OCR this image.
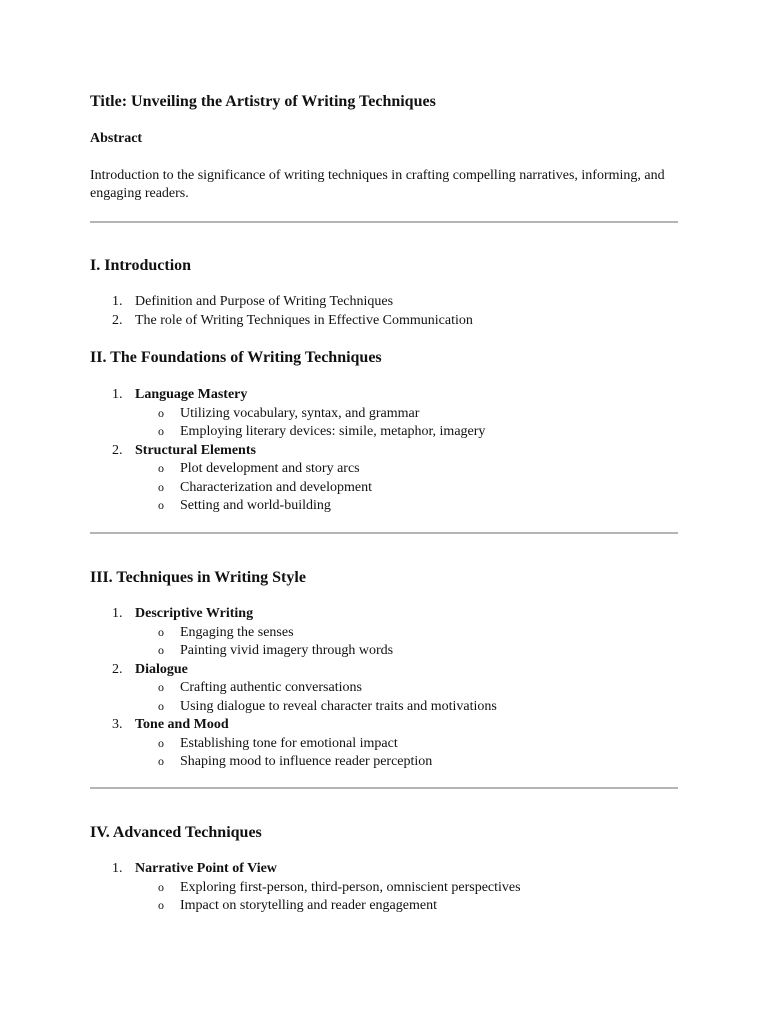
Title: Unveiling the Artistry of Writing Techniques
Abstract
Introduction to the significance of writing techniques in crafting compelling narratives, informing, and engaging readers.
I. Introduction
1. Definition and Purpose of Writing Techniques
2. The role of Writing Techniques in Effective Communication
II. The Foundations of Writing Techniques
1. Language Mastery
o Utilizing vocabulary, syntax, and grammar
o Employing literary devices: simile, metaphor, imagery
2. Structural Elements
o Plot development and story arcs
o Characterization and development
o Setting and world-building
III. Techniques in Writing Style
1. Descriptive Writing
o Engaging the senses
o Painting vivid imagery through words
2. Dialogue
o Crafting authentic conversations
o Using dialogue to reveal character traits and motivations
3. Tone and Mood
o Establishing tone for emotional impact
o Shaping mood to influence reader perception
IV. Advanced Techniques
1. Narrative Point of View
o Exploring first-person, third-person, omniscient perspectives
o Impact on storytelling and reader engagement
